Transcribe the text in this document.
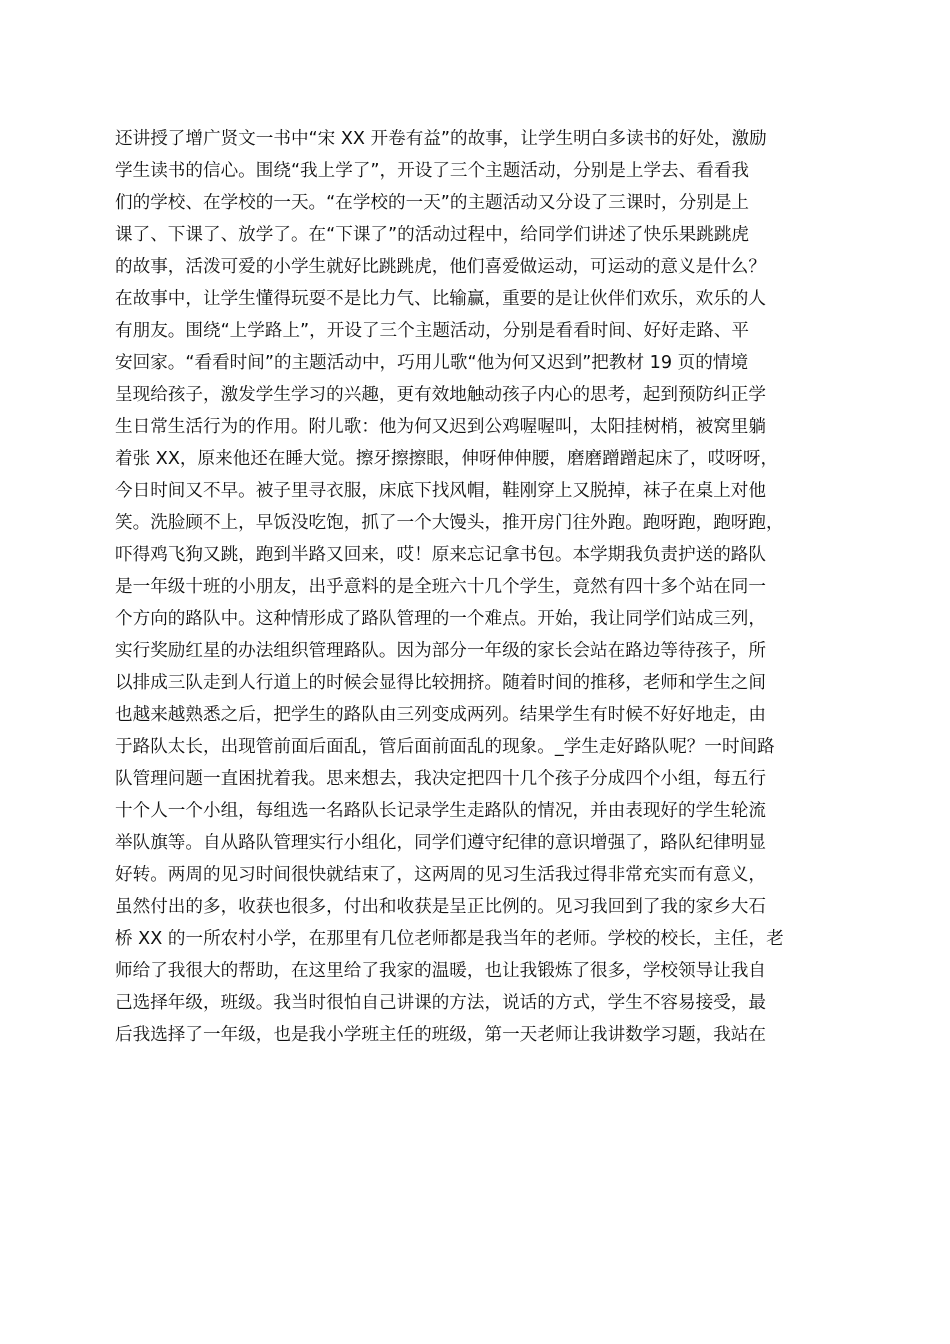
还讲授了增广贤文一书中“宋 XX 开卷有益”的故事，让学生明白多读书的好处，激励
学生读书的信心。围绕“我上学了”，开设了三个主题活动，分别是上学去、看看我
们的学校、在学校的一天。“在学校的一天”的主题活动又分设了三课时，分别是上
课了、下课了、放学了。在“下课了”的活动过程中，给同学们讲述了快乐果跳跳虎
的故事，活泼可爱的小学生就好比跳跳虎，他们喜爱做运动，可运动的意义是什么？
在故事中，让学生懂得玩耍不是比力气、比输赢，重要的是让伙伴们欢乐，欢乐的人
有朋友。围绕“上学路上”，开设了三个主题活动，分别是看看时间、好好走路、平
安回家。“看看时间”的主题活动中，巧用儿歌“他为何又迟到”把教材 19 页的情境
呈现给孩子，激发学生学习的兴趣，更有效地触动孩子内心的思考，起到预防纠正学
生日常生活行为的作用。附儿歌：他为何又迟到公鸡喔喔叫，太阳挂树梢，被窝里躺
着张 XX，原来他还在睡大觉。擦牙擦擦眼，伸呀伸伸腰，磨磨蹭蹭起床了，哎呀呀，
今日时间又不早。被子里寻衣服，床底下找风帽，鞋刚穿上又脱掉，袜子在桌上对他
笑。洗脸顾不上，早饭没吃饱，抓了一个大馒头，推开房门往外跑。跑呀跑，跑呀跑，
吓得鸡飞狗又跳，跑到半路又回来，哎！原来忘记拿书包。本学期我负责护送的路队
是一年级十班的小朋友，出乎意料的是全班六十几个学生，竟然有四十多个站在同一
个方向的路队中。这种情形成了路队管理的一个难点。开始，我让同学们站成三列，
实行奖励红星的办法组织管理路队。因为部分一年级的家长会站在路边等待孩子，所
以排成三队走到人行道上的时候会显得比较拥挤。随着时间的推移，老师和学生之间
也越来越熟悉之后，把学生的路队由三列变成两列。结果学生有时候不好好地走，由
于路队太长，出现管前面后面乱，管后面前面乱的现象。_学生走好路队呢？一时间路
队管理问题一直困扰着我。思来想去，我决定把四十几个孩子分成四个小组，每五行
十个人一个小组，每组选一名路队长记录学生走路队的情况，并由表现好的学生轮流
举队旗等。自从路队管理实行小组化，同学们遵守纪律的意识增强了，路队纪律明显
好转。两周的见习时间很快就结束了，这两周的见习生活我过得非常充实而有意义，
虽然付出的多，收获也很多，付出和收获是呈正比例的。见习我回到了我的家乡大石
桥 XX 的一所农村小学，在那里有几位老师都是我当年的老师。学校的校长，主任，老
师给了我很大的帮助，在这里给了我家的温暖，也让我锻炼了很多，学校领导让我自
己选择年级，班级。我当时很怕自己讲课的方法，说话的方式，学生不容易接受，最
后我选择了一年级，也是我小学班主任的班级，第一天老师让我讲数学习题，我站在
